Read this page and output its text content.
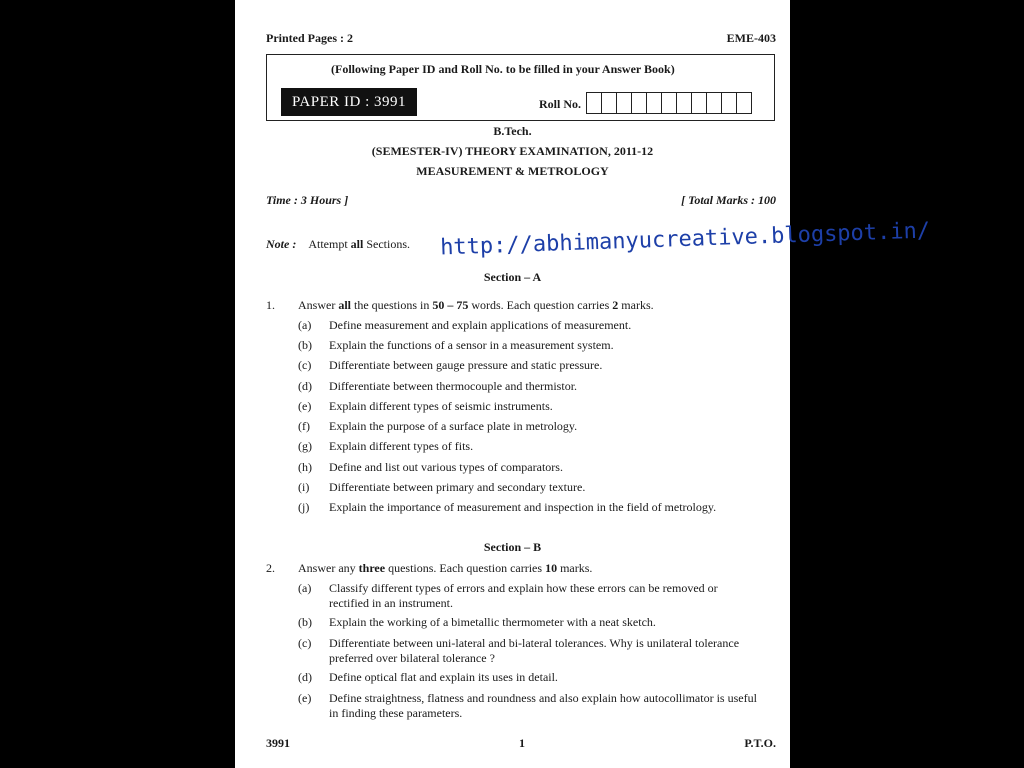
Printed Pages : 2	EME-403
(Following Paper ID and Roll No. to be filled in your Answer Book)
PAPER ID : 3991	Roll No.
B.Tech.
(SEMESTER-IV) THEORY EXAMINATION, 2011-12
MEASUREMENT & METROLOGY
Time : 3 Hours ]	[ Total Marks : 100
Note : Attempt all Sections. http://abhimanyucreative.blogspot.in/
Section – A
1. Answer all the questions in 50 – 75 words. Each question carries 2 marks.
(a) Define measurement and explain applications of measurement.
(b) Explain the functions of a sensor in a measurement system.
(c) Differentiate between gauge pressure and static pressure.
(d) Differentiate between thermocouple and thermistor.
(e) Explain different types of seismic instruments.
(f) Explain the purpose of a surface plate in metrology.
(g) Explain different types of fits.
(h) Define and list out various types of comparators.
(i) Differentiate between primary and secondary texture.
(j) Explain the importance of measurement and inspection in the field of metrology.
Section – B
2. Answer any three questions. Each question carries 10 marks.
(a) Classify different types of errors and explain how these errors can be removed or rectified in an instrument.
(b) Explain the working of a bimetallic thermometer with a neat sketch.
(c) Differentiate between uni-lateral and bi-lateral tolerances. Why is unilateral tolerance preferred over bilateral tolerance ?
(d) Define optical flat and explain its uses in detail.
(e) Define straightness, flatness and roundness and also explain how autocollimator is useful in finding these parameters.
3991	1	P.T.O.
